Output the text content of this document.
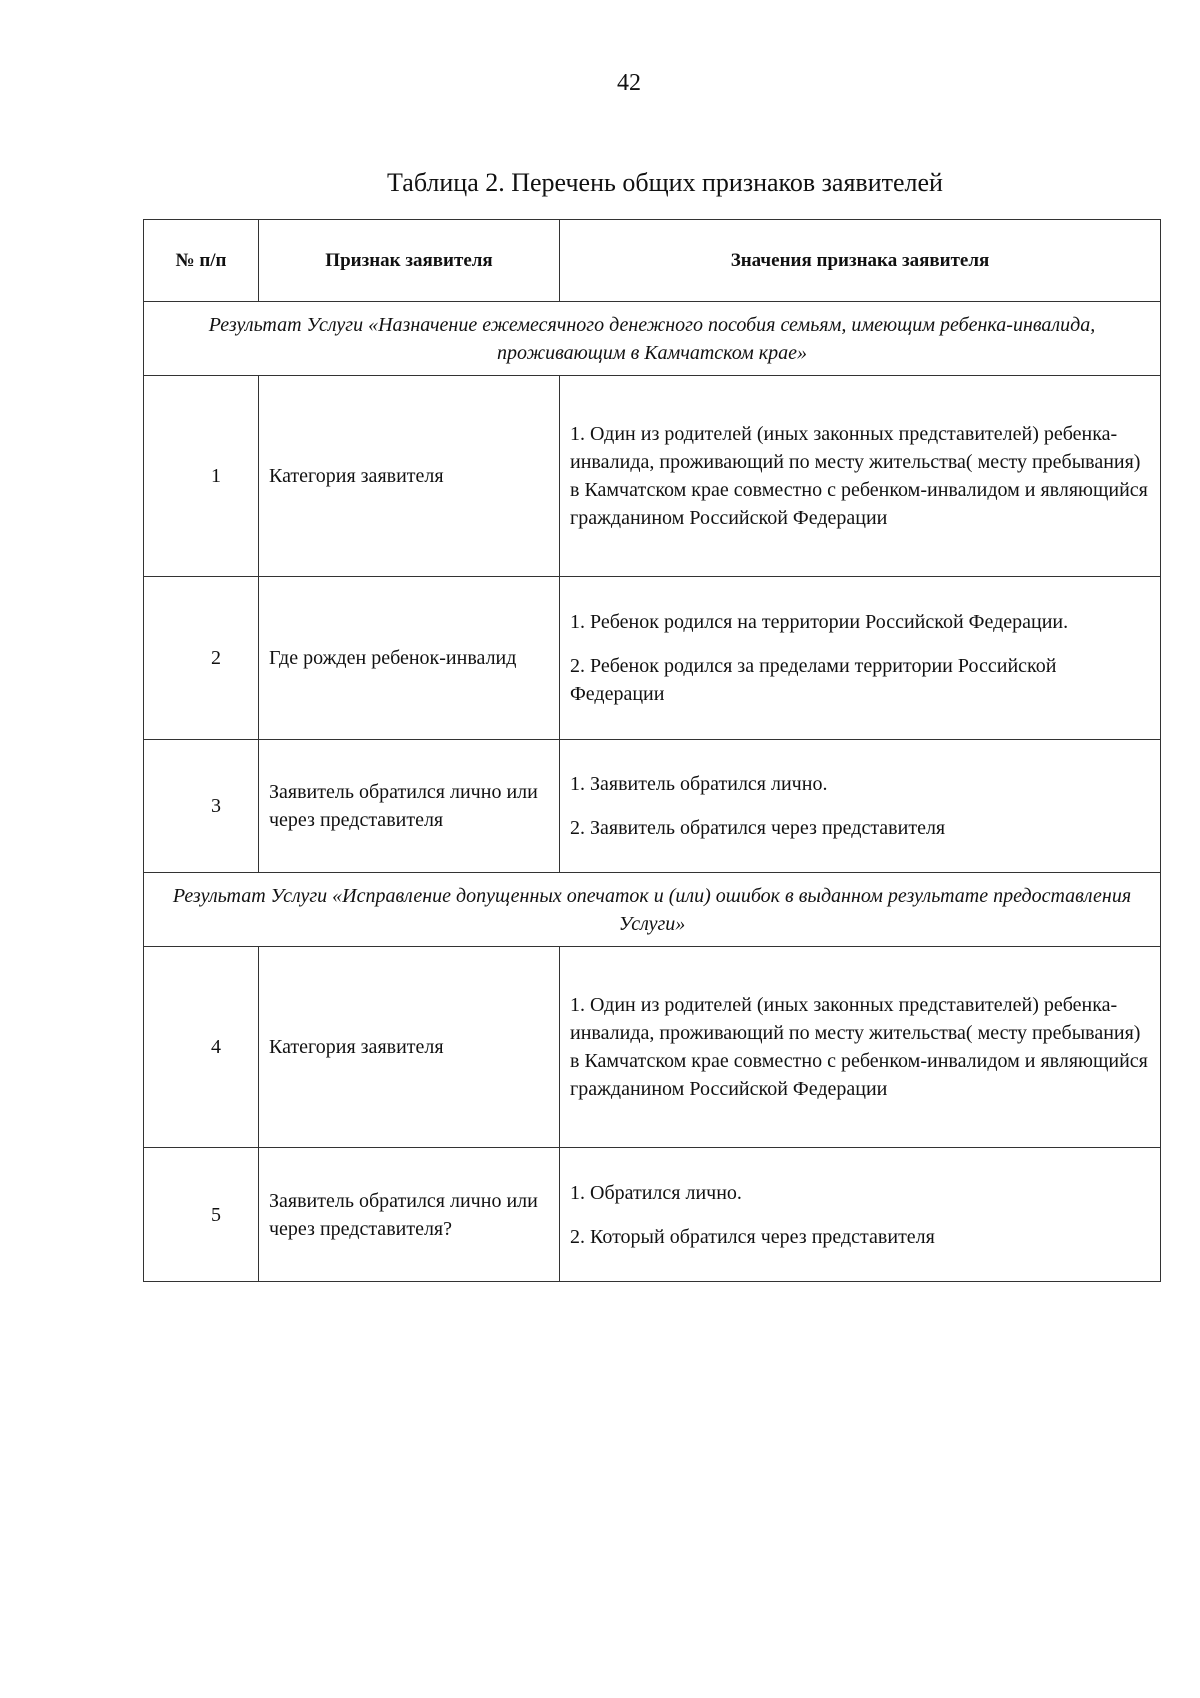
42
Таблица 2. Перечень общих признаков заявителей
№ п/п	Признак заявителя	Значения признака заявителя
Результат Услуги «Назначение ежемесячного денежного пособия семьям, имеющим ребенка-инвалида, проживающим в Камчатском крае»		
1	Категория заявителя	1. Один из родителей (иных законных представителей) ребенка-инвалида, проживающий по месту жительства( месту пребывания) в Камчатском крае совместно с ребенком-инвалидом и являющийся гражданином Российской Федерации

2	Где рожден ребенок-инвалид	1. Ребенок родился на территории Российской Федерации.

2. Ребенок родился за пределами территории Российской Федерации

3	Заявитель обратился лично или через представителя	1. Заявитель обратился лично.

2. Заявитель обратился через представителя

Результат Услуги «Исправление допущенных опечаток и (или) ошибок в выданном результате предоставления Услуги»		
4	Категория заявителя	1. Один из родителей (иных законных представителей) ребенка-инвалида, проживающий по месту жительства( месту пребывания) в Камчатском крае совместно с ребенком-инвалидом и являющийся гражданином Российской Федерации

5	Заявитель обратился лично или через представителя?	1. Обратился лично.

2. Который обратился через представителя
